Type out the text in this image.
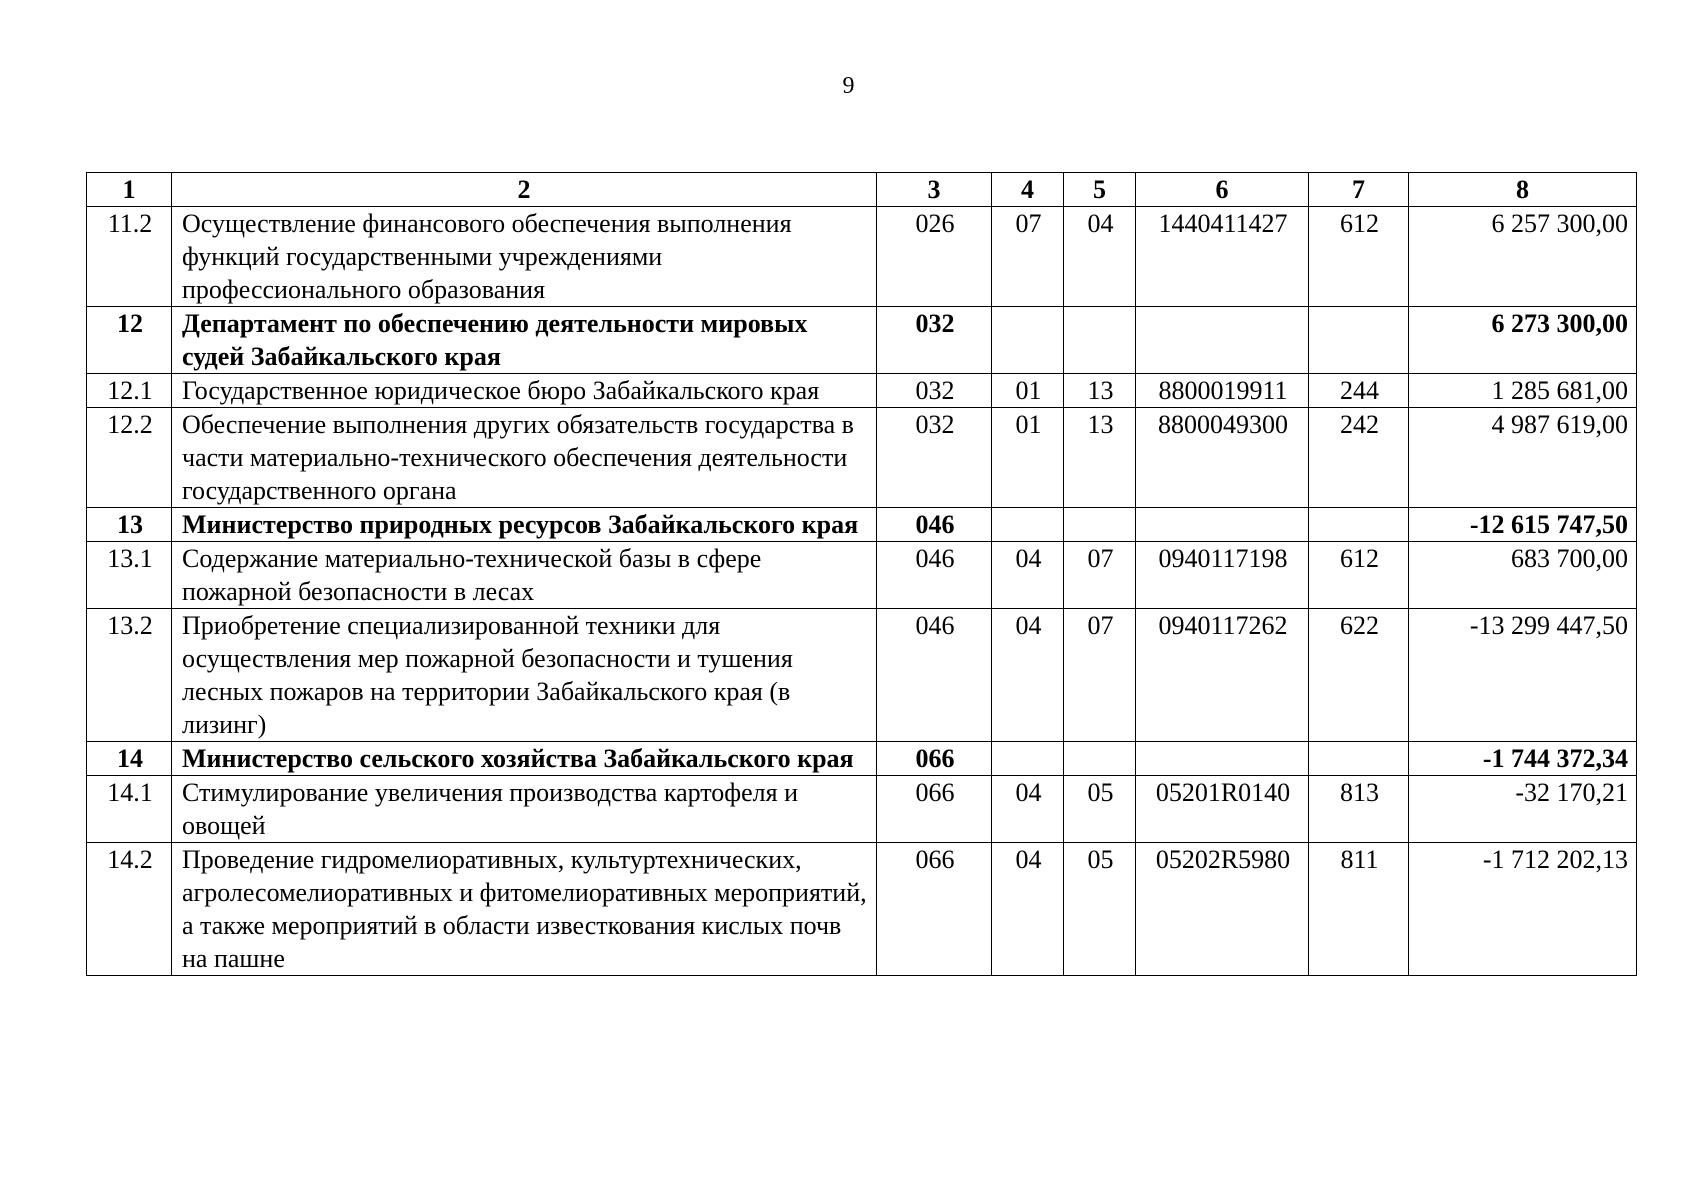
9
1	2	3	4	5	6	7	8
11.2	Осуществление финансового обеспечения выполнения функций государственными учреждениями профессионального образования	026	07	04	1440411427	612	6 257 300,00
12	Департамент по обеспечению деятельности мировых судей Забайкальского края	032					6 273 300,00
12.1	Государственное юридическое бюро Забайкальского края	032	01	13	8800019911	244	1 285 681,00
12.2	Обеспечение выполнения других обязательств государства в части материально-технического обеспечения деятельности государственного органа	032	01	13	8800049300	242	4 987 619,00
13	Министерство природных ресурсов Забайкальского края	046					-12 615 747,50
13.1	Содержание материально-технической базы в сфере пожарной безопасности в лесах	046	04	07	0940117198	612	683 700,00
13.2	Приобретение специализированной техники для осуществления мер пожарной безопасности и тушения лесных пожаров на территории Забайкальского края (в лизинг)	046	04	07	0940117262	622	-13 299 447,50
14	Министерство сельского хозяйства Забайкальского края	066					-1 744 372,34
14.1	Стимулирование увеличения производства картофеля и овощей	066	04	05	05201R0140	813	-32 170,21
14.2	Проведение гидромелиоративных, культуртехнических, агролесомелиоративных и фитомелиоративных мероприятий, а также мероприятий в области известкования кислых почв на пашне	066	04	05	05202R5980	811	-1 712 202,13
